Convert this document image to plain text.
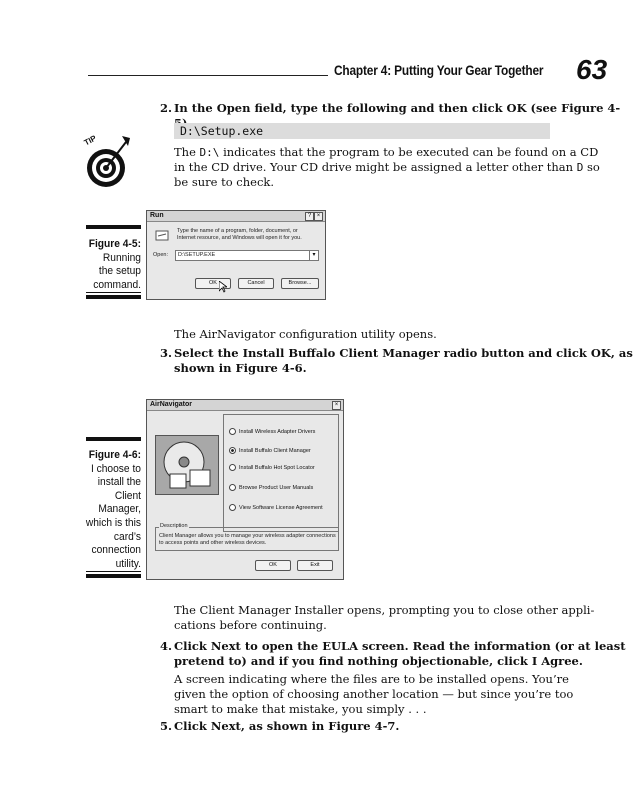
Chapter 4: Putting Your Gear Together 63
2. In the Open field, type the following and then click OK (see Figure 4-
D:\Setup.exe
TIP
The D:\ indicates that the program to be executed can be found on a CD
in the CD drive. Your CD drive might be assigned a letter other than D so
be sure to check.
Figure 4-5:
Running
the setup
command.
Run	? ×
Type the name of a program, folder, document, or
Internet resource, and Windows will open it for you.
Open:	D:\SETUP.EXE	▾
OK	Cancel	Browse...
The AirNavigator configuration utility opens.
3. Select the Install Buffalo Client Manager radio button and click OK, as
shown in Figure 4-6.
Figure 4-6:
I choose to
install the
Client
Manager,
which is this
card’s
connection
utility.
AirNavigator	×
Install Wireless Adapter Drivers
Install Buffalo Client Manager
Install Buffalo Hot Spot Locator
Browse Product User Manuals
View Software License Agreement
Description
Client Manager allows you to manage your wireless adapter connections
to access points and other wireless devices.
OK	Exit
The Client Manager Installer opens, prompting you to close other appli-
cations before continuing.
4. Click Next to open the EULA screen. Read the information (or at least
pretend to) and if you find nothing objectionable, click I Agree.
A screen indicating where the files are to be installed opens. You’re
given the option of choosing another location — but since you’re too
smart to make that mistake, you simply . . .
5. Click Next, as shown in Figure 4-7.
